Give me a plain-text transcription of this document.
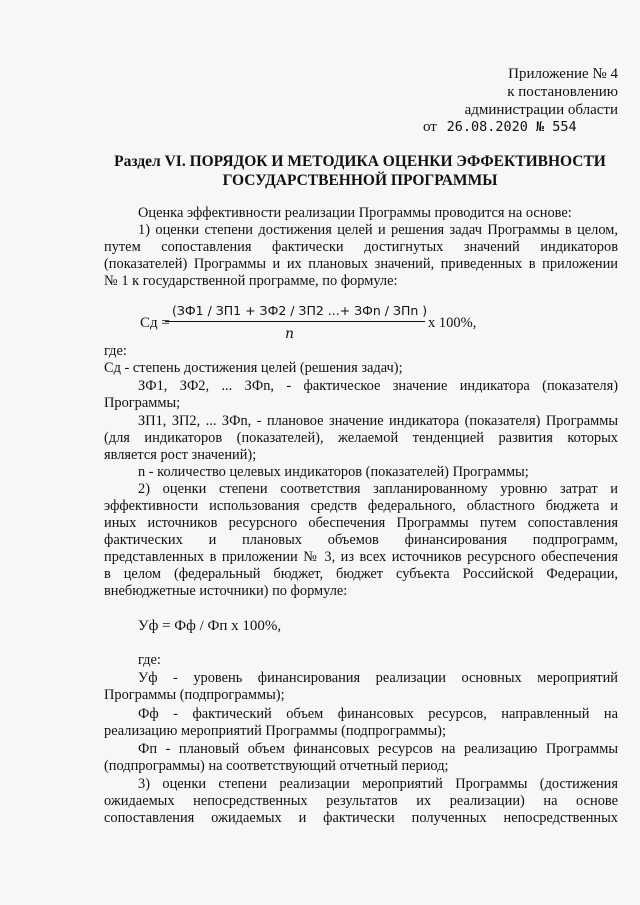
Приложение № 4
к постановлению
администрации области
от 26.08.2020 № 554
Раздел VI. ПОРЯДОК И МЕТОДИКА ОЦЕНКИ ЭФФЕКТИВНОСТИ
ГОСУДАРСТВЕННОЙ ПРОГРАММЫ
Оценка эффективности реализации Программы проводится на основе:
1) оценки степени достижения целей и решения задач Программы в целом,
путем сопоставления фактически достигнутых значений индикаторов
(показателей) Программы и их плановых значений, приведенных в приложении
№ 1 к государственной программе, по формуле:
Сд =
(ЗФ1 / ЗП1 + ЗФ2 / ЗП2 ...+ ЗФn / ЗПn )
n
x 100%,
где:
Сд - степень достижения целей (решения задач);
ЗФ1, ЗФ2, ... ЗФn, - фактическое значение индикатора (показателя)
Программы;
ЗП1, ЗП2, ... ЗФn, - плановое значение индикатора (показателя) Программы
(для индикаторов (показателей), желаемой тенденцией развития которых
является рост значений);
n - количество целевых индикаторов (показателей) Программы;
2) оценки степени соответствия запланированному уровню затрат и
эффективности использования средств федерального, областного бюджета и
иных источников ресурсного обеспечения Программы путем сопоставления
фактических и плановых объемов финансирования подпрограмм,
представленных в приложении № 3, из всех источников ресурсного обеспечения
в целом (федеральный бюджет, бюджет субъекта Российской Федерации,
внебюджетные источники) по формуле:
Уф = Фф / Фп x 100%,
где:
Уф - уровень финансирования реализации основных мероприятий
Программы (подпрограммы);
Фф - фактический объем финансовых ресурсов, направленный на
реализацию мероприятий Программы (подпрограммы);
Фп - плановый объем финансовых ресурсов на реализацию Программы
(подпрограммы) на соответствующий отчетный период;
3) оценки степени реализации мероприятий Программы (достижения
ожидаемых непосредственных результатов их реализации) на основе
сопоставления ожидаемых и фактически полученных непосредственных
